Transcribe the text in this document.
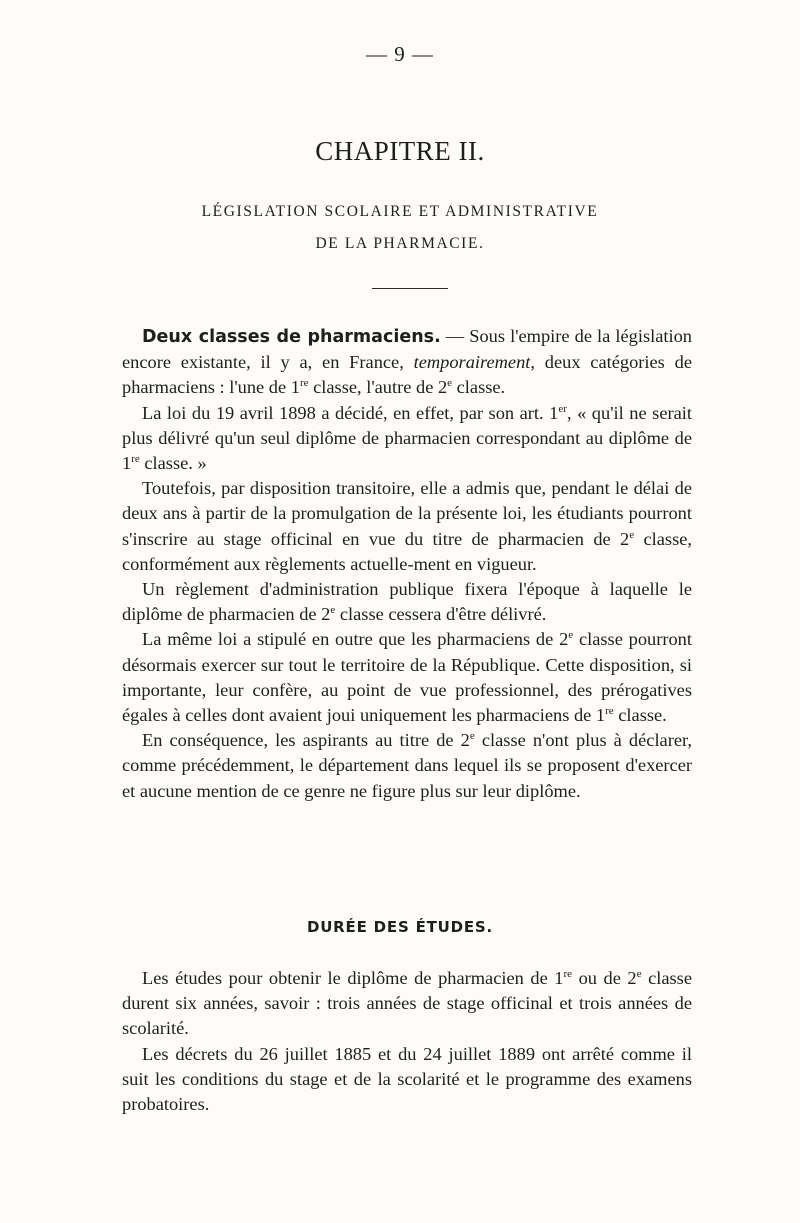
— 9 —
CHAPITRE II.
LÉGISLATION SCOLAIRE ET ADMINISTRATIVE
DE LA PHARMACIE.

Deux classes de pharmaciens. — Sous l'empire de la législation encore existante, il y a, en France, temporairement, deux catégories de pharmaciens : l'une de 1re classe, l'autre de 2e classe.

La loi du 19 avril 1898 a décidé, en effet, par son art. 1er, « qu'il ne serait plus délivré qu'un seul diplôme de pharmacien correspondant au diplôme de 1re classe. »

Toutefois, par disposition transitoire, elle a admis que, pendant le délai de deux ans à partir de la promulgation de la présente loi, les étudiants pourront s'inscrire au stage officinal en vue du titre de pharmacien de 2e classe, conformément aux règlements actuelle-ment en vigueur.

Un règlement d'administration publique fixera l'époque à laquelle le diplôme de pharmacien de 2e classe cessera d'être délivré.

La même loi a stipulé en outre que les pharmaciens de 2e classe pourront désormais exercer sur tout le territoire de la République. Cette disposition, si importante, leur confère, au point de vue professionnel, des prérogatives égales à celles dont avaient joui uniquement les pharmaciens de 1re classe.

En conséquence, les aspirants au titre de 2e classe n'ont plus à déclarer, comme précédemment, le département dans lequel ils se proposent d'exercer et aucune mention de ce genre ne figure plus sur leur diplôme.

DURÉE DES ÉTUDES.

Les études pour obtenir le diplôme de pharmacien de 1re ou de 2e classe durent six années, savoir : trois années de stage officinal et trois années de scolarité.

Les décrets du 26 juillet 1885 et du 24 juillet 1889 ont arrêté comme il suit les conditions du stage et de la scolarité et le programme des examens probatoires.
